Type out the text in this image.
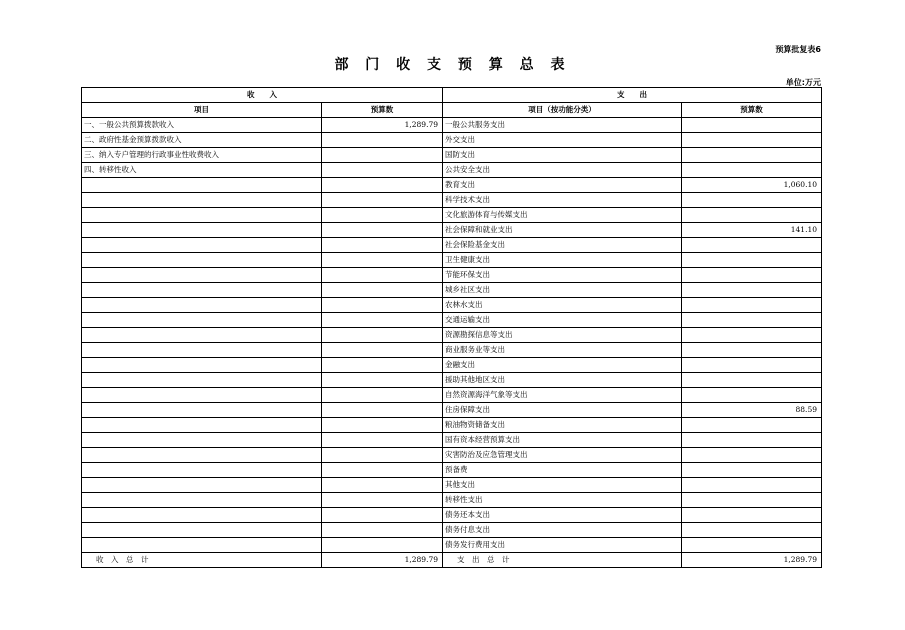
预算批复表6
部 门 收 支 预 算 总 表
单位:万元
收　　入		支　　出	
项目	预算数	项目（按功能分类）	预算数
一、一般公共预算拨款收入	1,289.79	一般公共服务支出	
二、政府性基金预算拨款收入		外交支出	
三、纳入专户管理的行政事业性收费收入		国防支出	
四、转移性收入		公共安全支出	
		教育支出	1,060.10
		科学技术支出	
		文化旅游体育与传媒支出	
		社会保障和就业支出	141.10
		社会保险基金支出	
		卫生健康支出	
		节能环保支出	
		城乡社区支出	
		农林水支出	
		交通运输支出	
		资源勘探信息等支出	
		商业服务业等支出	
		金融支出	
		援助其他地区支出	
		自然资源海洋气象等支出	
		住房保障支出	88.59
		粮油物资储备支出	
		国有资本经营预算支出	
		灾害防治及应急管理支出	
		预备费	
		其他支出	
		转移性支出	
		债务还本支出	
		债务付息支出	
		债务发行费用支出	
收　入　总　计	1,289.79	支　出　总　计	1,289.79
